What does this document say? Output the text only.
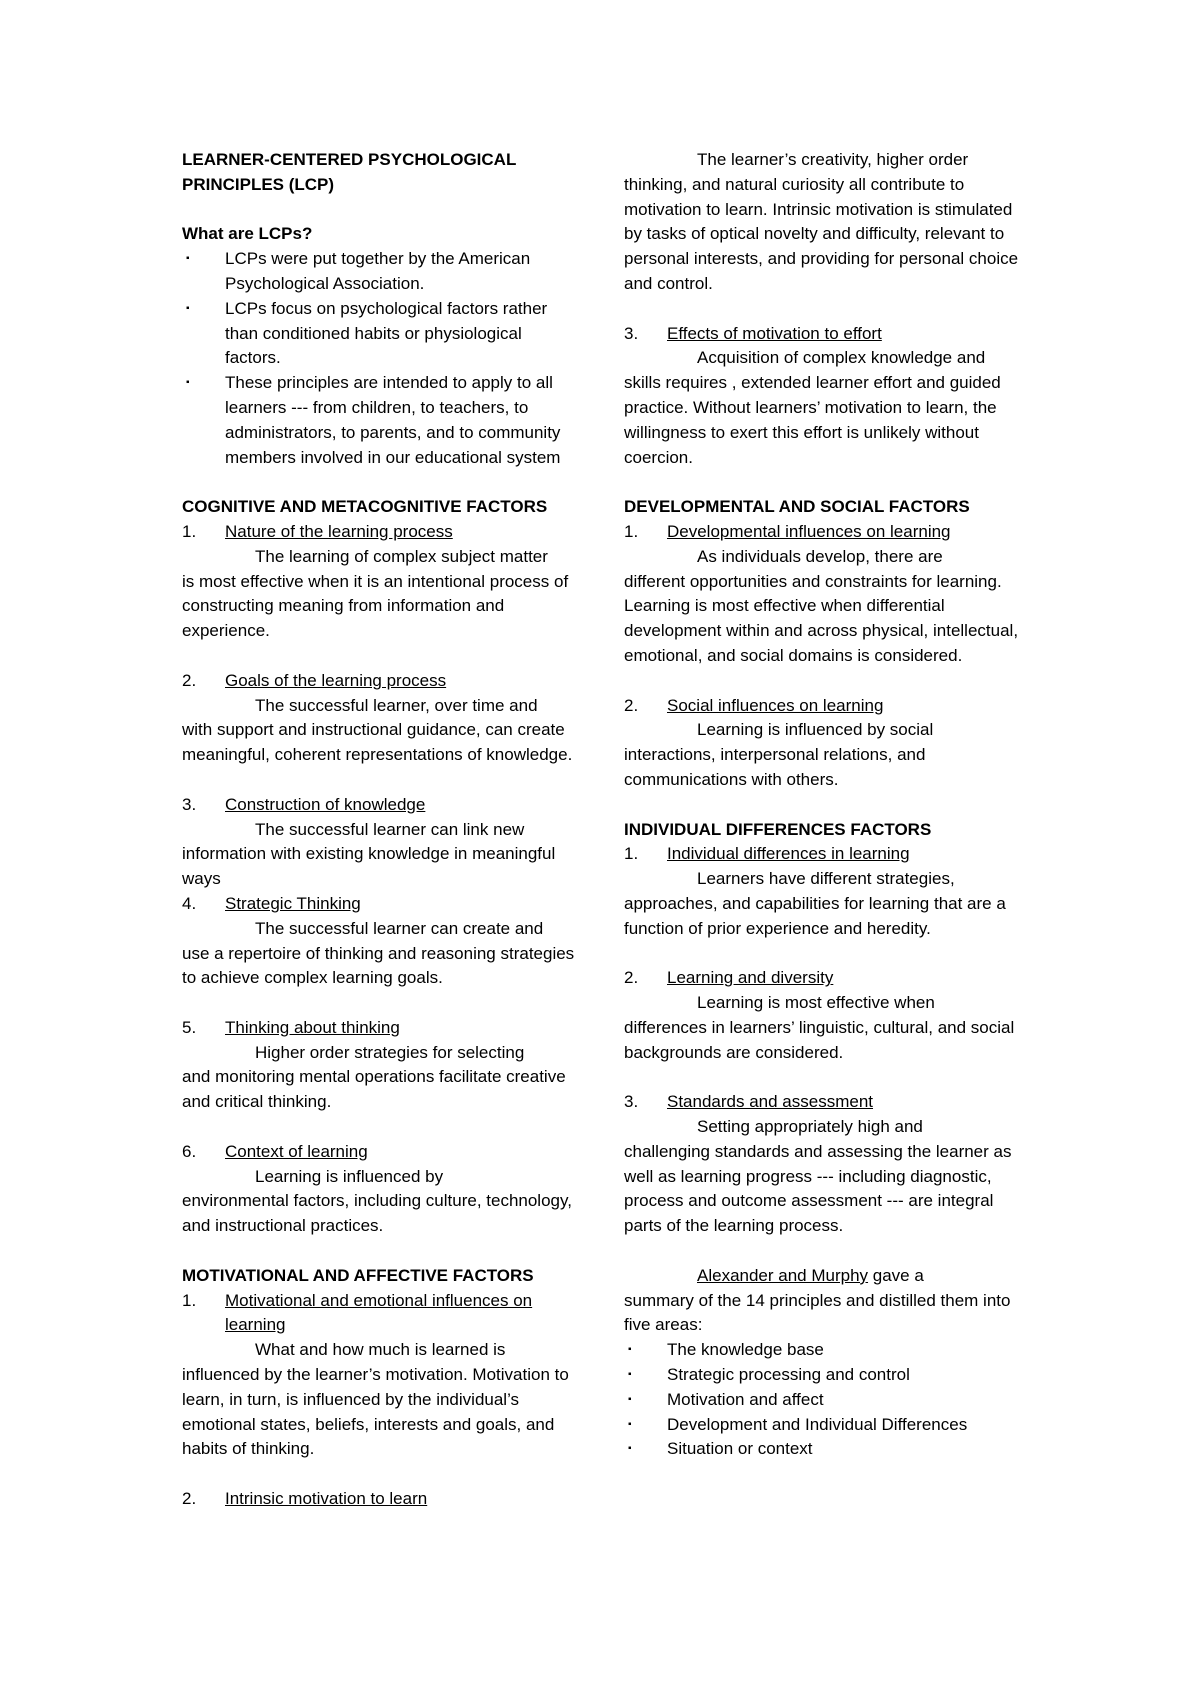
LEARNER-CENTERED PSYCHOLOGICAL
PRINCIPLES (LCP)
What are LCPs?
▪ LCPs were put together by the American Psychological Association.
▪ LCPs focus on psychological factors rather than conditioned habits or physiological factors.
▪ These principles are intended to apply to all learners --- from children, to teachers, to administrators, to parents, and to community members involved in our educational system
COGNITIVE AND METACOGNITIVE FACTORS
1. Nature of the learning process
The learning of complex subject matter
is most effective when it is an intentional process of constructing meaning from information and experience.
2. Goals of the learning process
The successful learner, over time and
with support and instructional guidance, can create meaningful, coherent representations of knowledge.
3. Construction of knowledge
The successful learner can link new
information with existing knowledge in meaningful ways
4. Strategic Thinking
The successful learner can create and
use a repertoire of thinking and reasoning strategies to achieve complex learning goals.
5. Thinking about thinking
Higher order strategies for selecting
and monitoring mental operations facilitate creative and critical thinking.
6. Context of learning
Learning is influenced by
environmental factors, including culture, technology, and instructional practices.
MOTIVATIONAL AND AFFECTIVE FACTORS
1. Motivational and emotional influences on learning
What and how much is learned is
influenced by the learner’s motivation. Motivation to learn, in turn, is influenced by the individual’s emotional states, beliefs, interests and goals, and habits of thinking.
2. Intrinsic motivation to learn
The learner’s creativity, higher order
thinking, and natural curiosity all contribute to motivation to learn. Intrinsic motivation is stimulated by tasks of optical novelty and difficulty, relevant to personal interests, and providing for personal choice and control.
3. Effects of motivation to effort
Acquisition of complex knowledge and
skills requires , extended learner effort and guided practice. Without learners’ motivation to learn, the willingness to exert this effort is unlikely without coercion.
DEVELOPMENTAL AND SOCIAL FACTORS
1. Developmental influences on learning
As individuals develop, there are
different opportunities and constraints for learning. Learning is most effective when differential development within and across physical, intellectual, emotional, and social domains is considered.
2. Social influences on learning
Learning is influenced by social
interactions, interpersonal relations, and communications with others.
INDIVIDUAL DIFFERENCES FACTORS
1. Individual differences in learning
Learners have different strategies,
approaches, and capabilities for learning that are a function of prior experience and heredity.
2. Learning and diversity
Learning is most effective when
differences in learners’ linguistic, cultural, and social backgrounds are considered.
3. Standards and assessment
Setting appropriately high and
challenging standards and assessing the learner as well as learning progress --- including diagnostic, process and outcome assessment --- are integral parts of the learning process.
Alexander and Murphy gave a
summary of the 14 principles and distilled them into five areas:
▪ The knowledge base
▪ Strategic processing and control
▪ Motivation and affect
▪ Development and Individual Differences
▪ Situation or context
